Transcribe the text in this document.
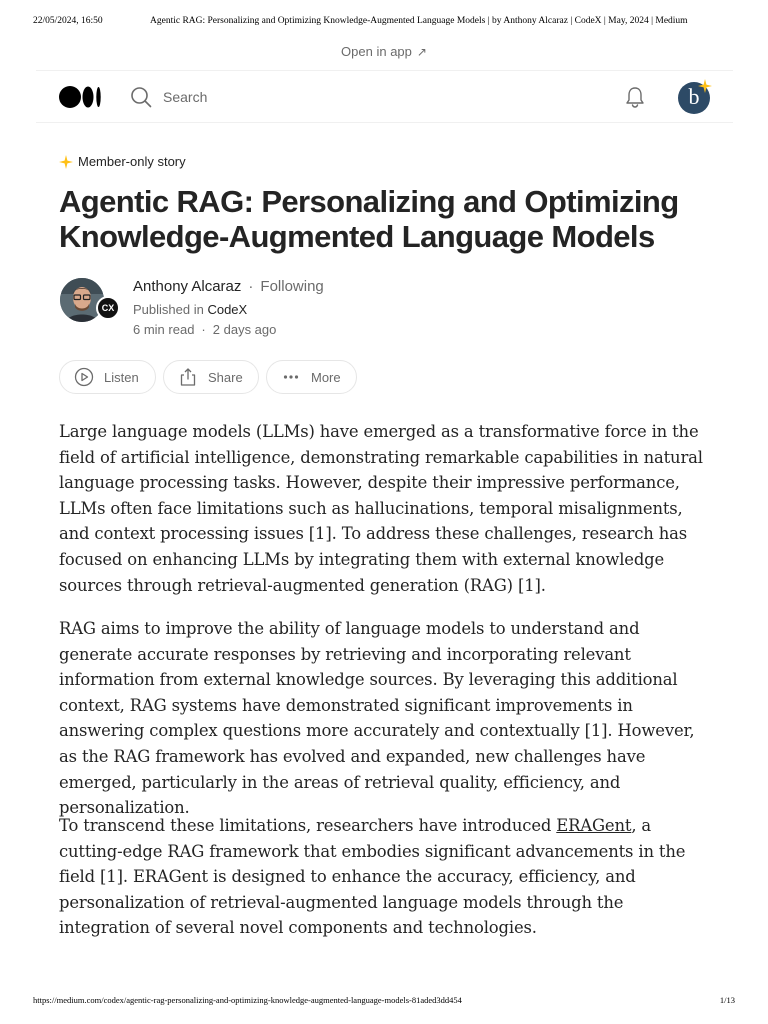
22/05/2024, 16:50	Agentic RAG: Personalizing and Optimizing Knowledge-Augmented Language Models | by Anthony Alcaraz | CodeX | May, 2024 | Medium
Open in app ↗
Search
b
Member-only story
Agentic RAG: Personalizing and Optimizing Knowledge-Augmented Language Models
CX
Anthony Alcaraz · Following
Published in CodeX
6 min read · 2 days ago
Listen	Share	More

Large language models (LLMs) have emerged as a transformative force in the field of artificial intelligence, demonstrating remarkable capabilities in natural language processing tasks. However, despite their impressive performance, LLMs often face limitations such as hallucinations, temporal misalignments, and context processing issues [1]. To address these challenges, research has focused on enhancing LLMs by integrating them with external knowledge sources through retrieval-augmented generation (RAG) [1].

RAG aims to improve the ability of language models to understand and generate accurate responses by retrieving and incorporating relevant information from external knowledge sources. By leveraging this additional context, RAG systems have demonstrated significant improvements in answering complex questions more accurately and contextually [1]. However, as the RAG framework has evolved and expanded, new challenges have emerged, particularly in the areas of retrieval quality, efficiency, and personalization.

To transcend these limitations, researchers have introduced ERAGent, a cutting-edge RAG framework that embodies significant advancements in the field [1]. ERAGent is designed to enhance the accuracy, efficiency, and personalization of retrieval-augmented language models through the integration of several novel components and technologies.

https://medium.com/codex/agentic-rag-personalizing-and-optimizing-knowledge-augmented-language-models-81aded3dd454	1/13
